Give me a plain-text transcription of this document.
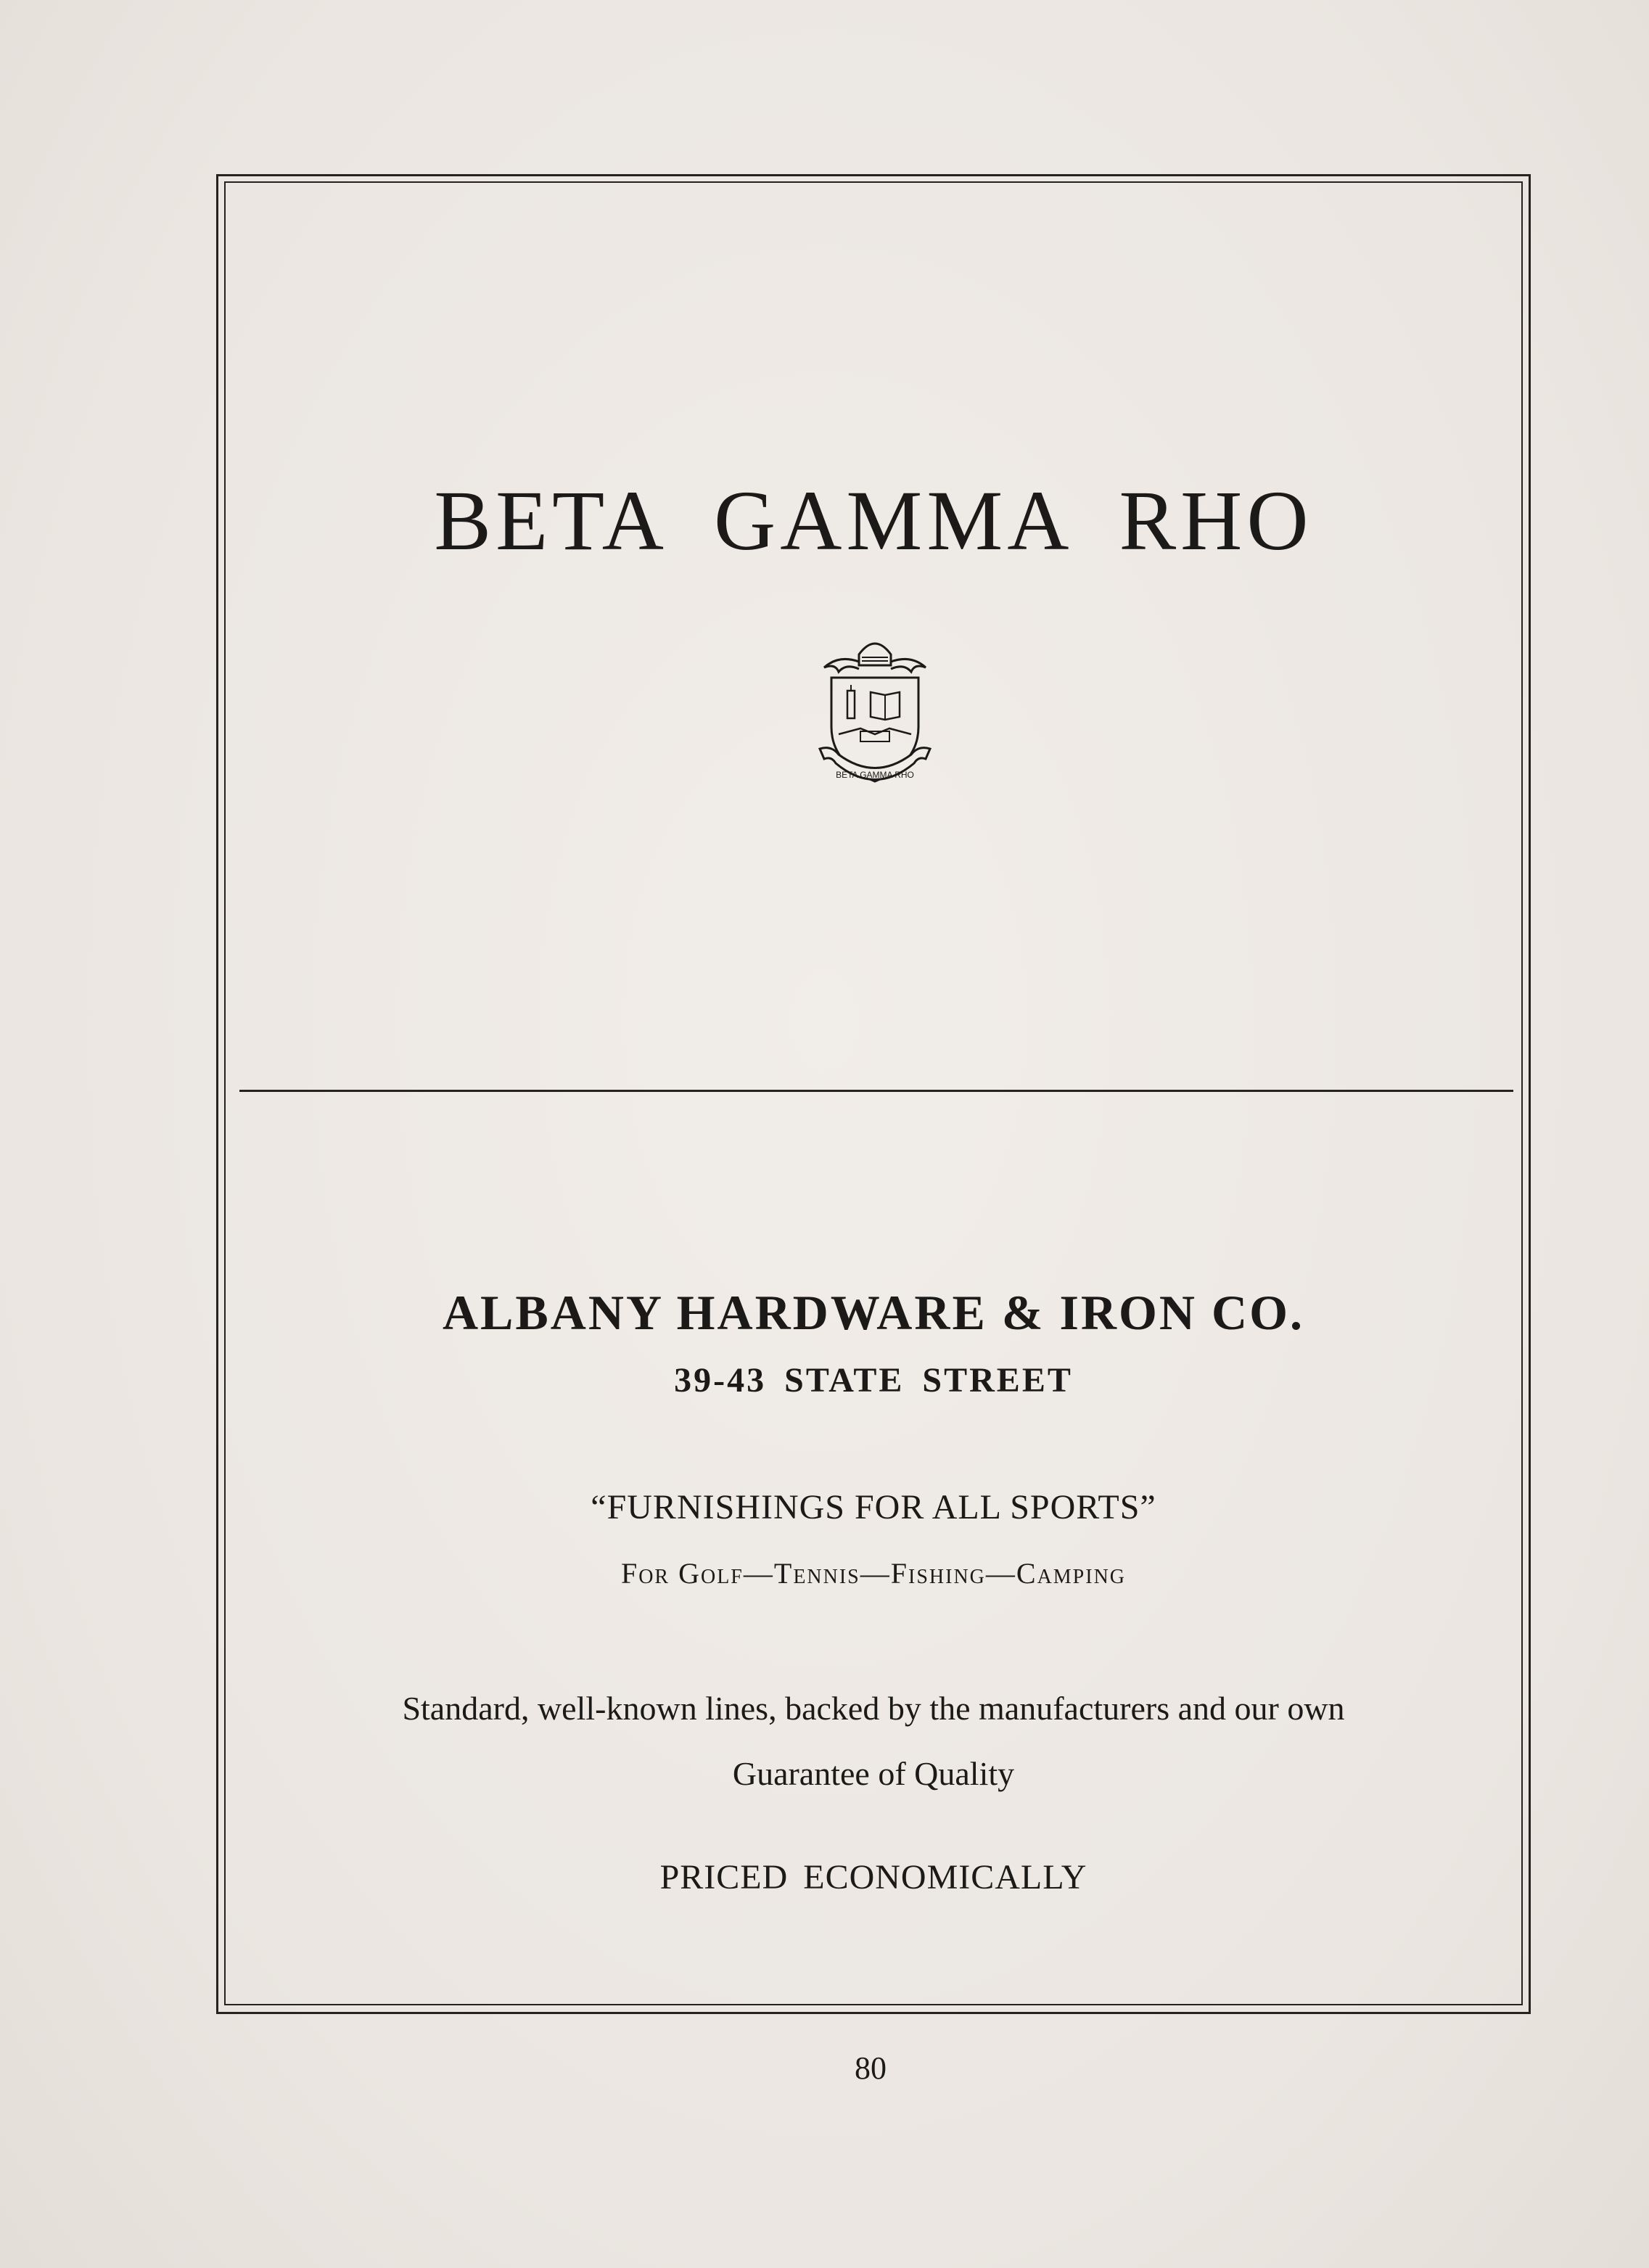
BETA GAMMA RHO
BETA GAMMA RHO
ALBANY HARDWARE & IRON CO.
39-43 STATE STREET
“FURNISHINGS FOR ALL SPORTS”
For Golf—Tennis—Fishing—Camping
Standard, well-known lines, backed by the manufacturers and our own
Guarantee of Quality
PRICED ECONOMICALLY
80
